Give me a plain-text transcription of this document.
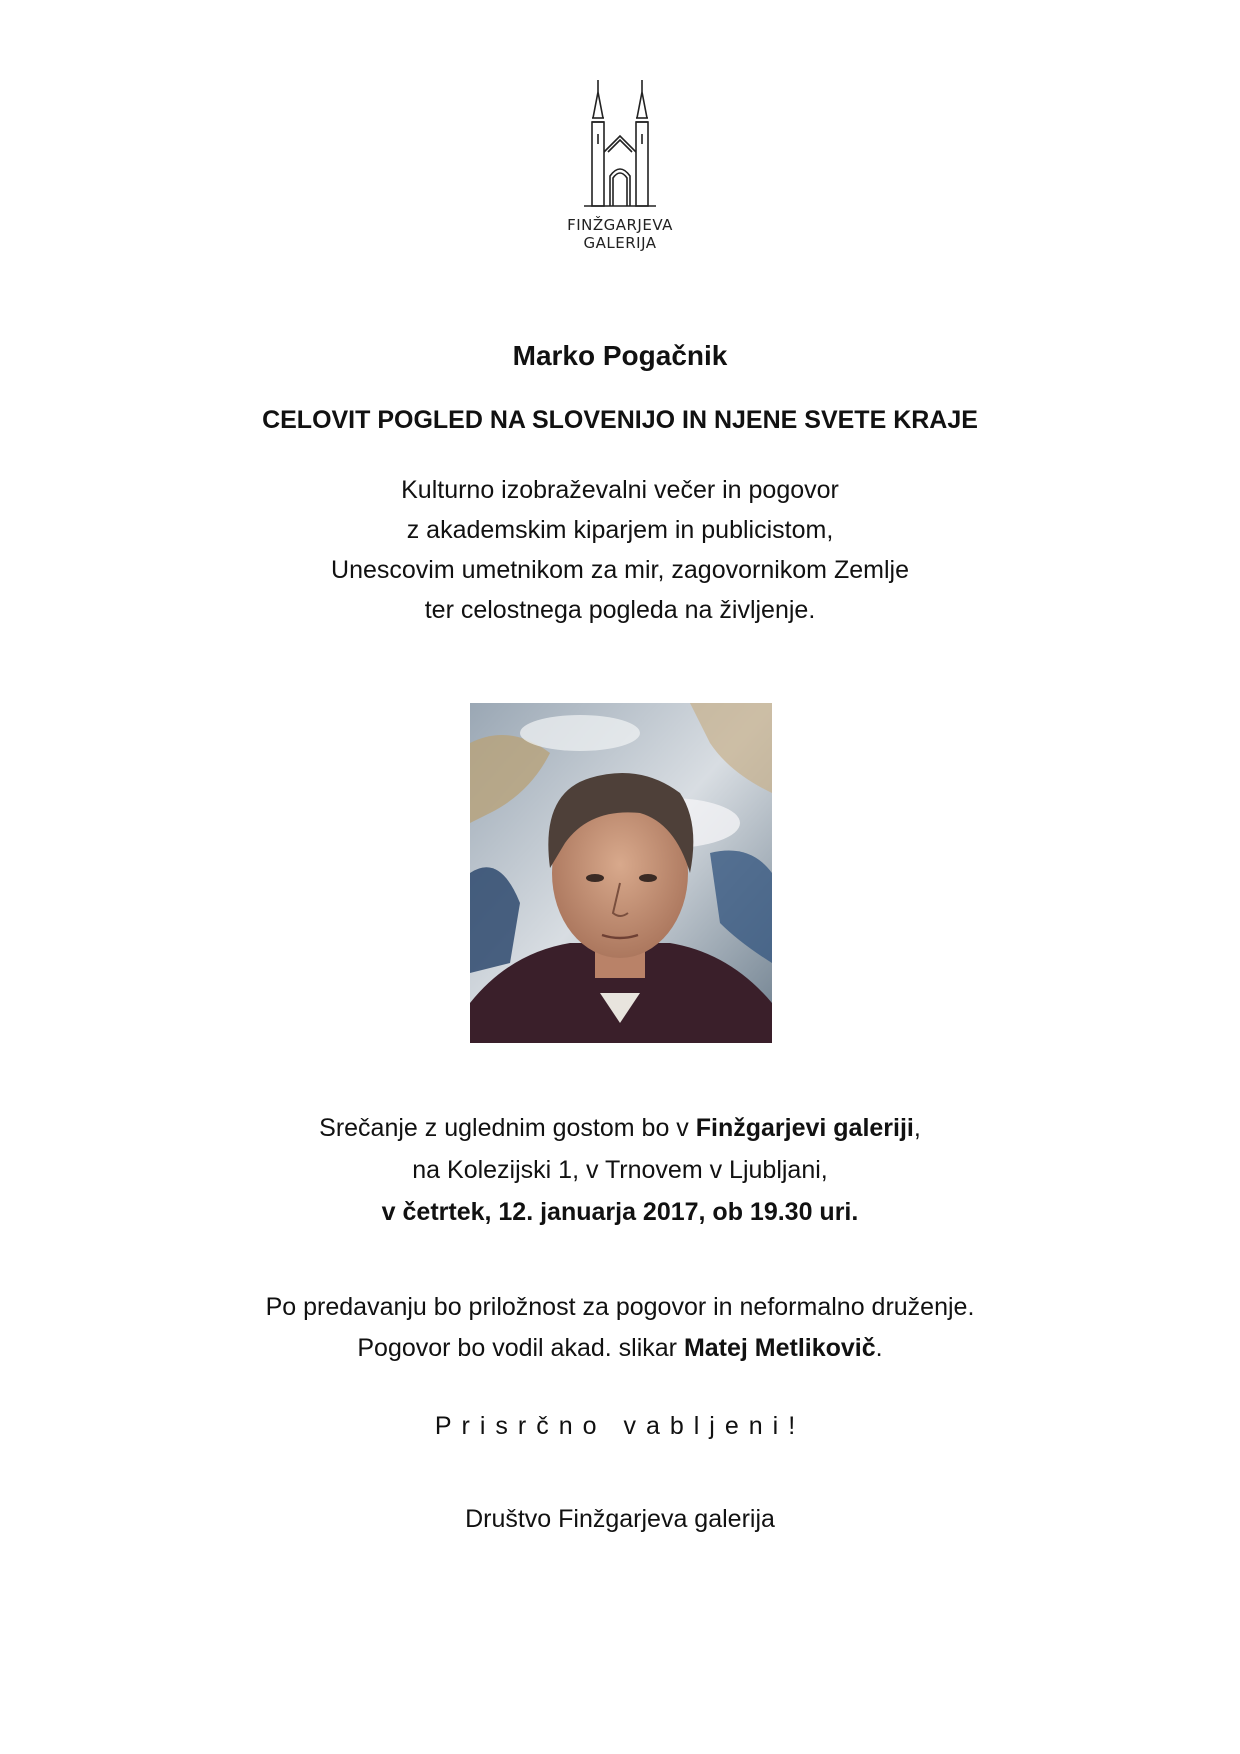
FINŽGARJEVA
GALERIJA
Marko Pogačnik
CELOVIT POGLED NA SLOVENIJO IN NJENE SVETE KRAJE
Kulturno izobraževalni večer in pogovor
z akademskim kiparjem in publicistom,
Unescovim umetnikom za mir, zagovornikom Zemlje
ter celostnega pogleda na življenje.
Srečanje z uglednim gostom bo v Finžgarjevi galeriji,
na Kolezijski 1, v Trnovem v Ljubljani,
v četrtek, 12. januarja 2017, ob 19.30 uri.
Po predavanju bo priložnost za pogovor in neformalno druženje.
Pogovor bo vodil akad. slikar Matej Metlikovič.
Prisrčno vabljeni!
Društvo Finžgarjeva galerija
